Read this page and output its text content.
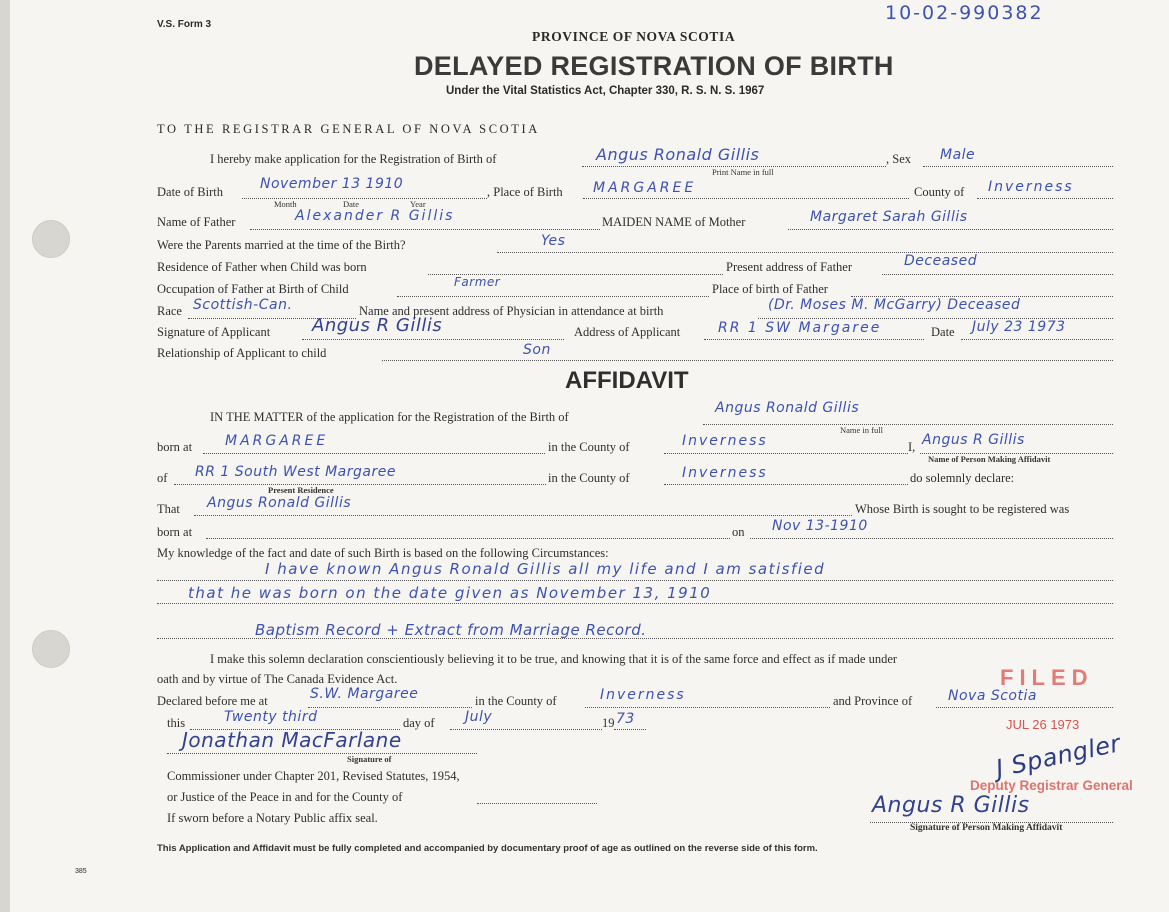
V.S. Form 3
10-02-990382
PROVINCE OF NOVA SCOTIA
DELAYED REGISTRATION OF BIRTH
Under the Vital Statistics Act, Chapter 330, R. S. N. S. 1967
TO THE REGISTRAR GENERAL OF NOVA SCOTIA
I hereby make application for the Registration of Birth of	Angus Ronald Gillis
Print Name in full
, Sex Male
Date of Birth	November 13 1910
Month	Date	Year
, Place of Birth MARGAREE	County of Inverness
Name of Father	Alexander R Gillis	MAIDEN NAME of Mother	Margaret Sarah Gillis
Were the Parents married at the time of the Birth?	Yes
Residence of Father when Child was born	Present address of Father	Deceased
Occupation of Father at Birth of Child	Farmer	Place of birth of Father
Race Scottish-Can.	Name and present address of Physician in attendance at birth	(Dr. Moses M. McGarry) Deceased
Signature of Applicant Angus R Gillis	Address of Applicant	RR 1 SW Margaree	Date July 23 1973
Relationship of Applicant to child	Son
AFFIDAVIT
IN THE MATTER of the application for the Registration of the Birth of
Angus Ronald Gillis
Name in full
born at MARGAREE	in the County of	Inverness	I, Angus R Gillis
Name of Person Making Affidavit
of RR 1 South West Margaree
Present Residence
in the County of	Inverness	do solemnly declare:
That Angus Ronald Gillis	Whose Birth is sought to be registered was
born at	on Nov 13-1910
My knowledge of the fact and date of such Birth is based on the following Circumstances:
I have known Angus Ronald Gillis all my life and I am satisfied
that he was born on the date given as November 13, 1910
Baptism Record + Extract from Marriage Record.
I make this solemn declaration conscientiously believing it to be true, and knowing that it is of the same force and effect as if made under
oath and by virtue of The Canada Evidence Act.
Declared before me at	S.W. Margaree	in the County of	Inverness	and Province of	Nova Scotia
this	Twenty third	day of July	19 73
Jonathan MacFarlane
Signature of
Commissioner under Chapter 201, Revised Statutes, 1954,
or Justice of the Peace in and for the County of
If sworn before a Notary Public affix seal.
FILED
JUL 26 1973
J Spangler
Deputy Registrar General
Angus R Gillis
Signature of Person Making Affidavit
This Application and Affidavit must be fully completed and accompanied by documentary proof of age as outlined on the reverse side of this form.
385
